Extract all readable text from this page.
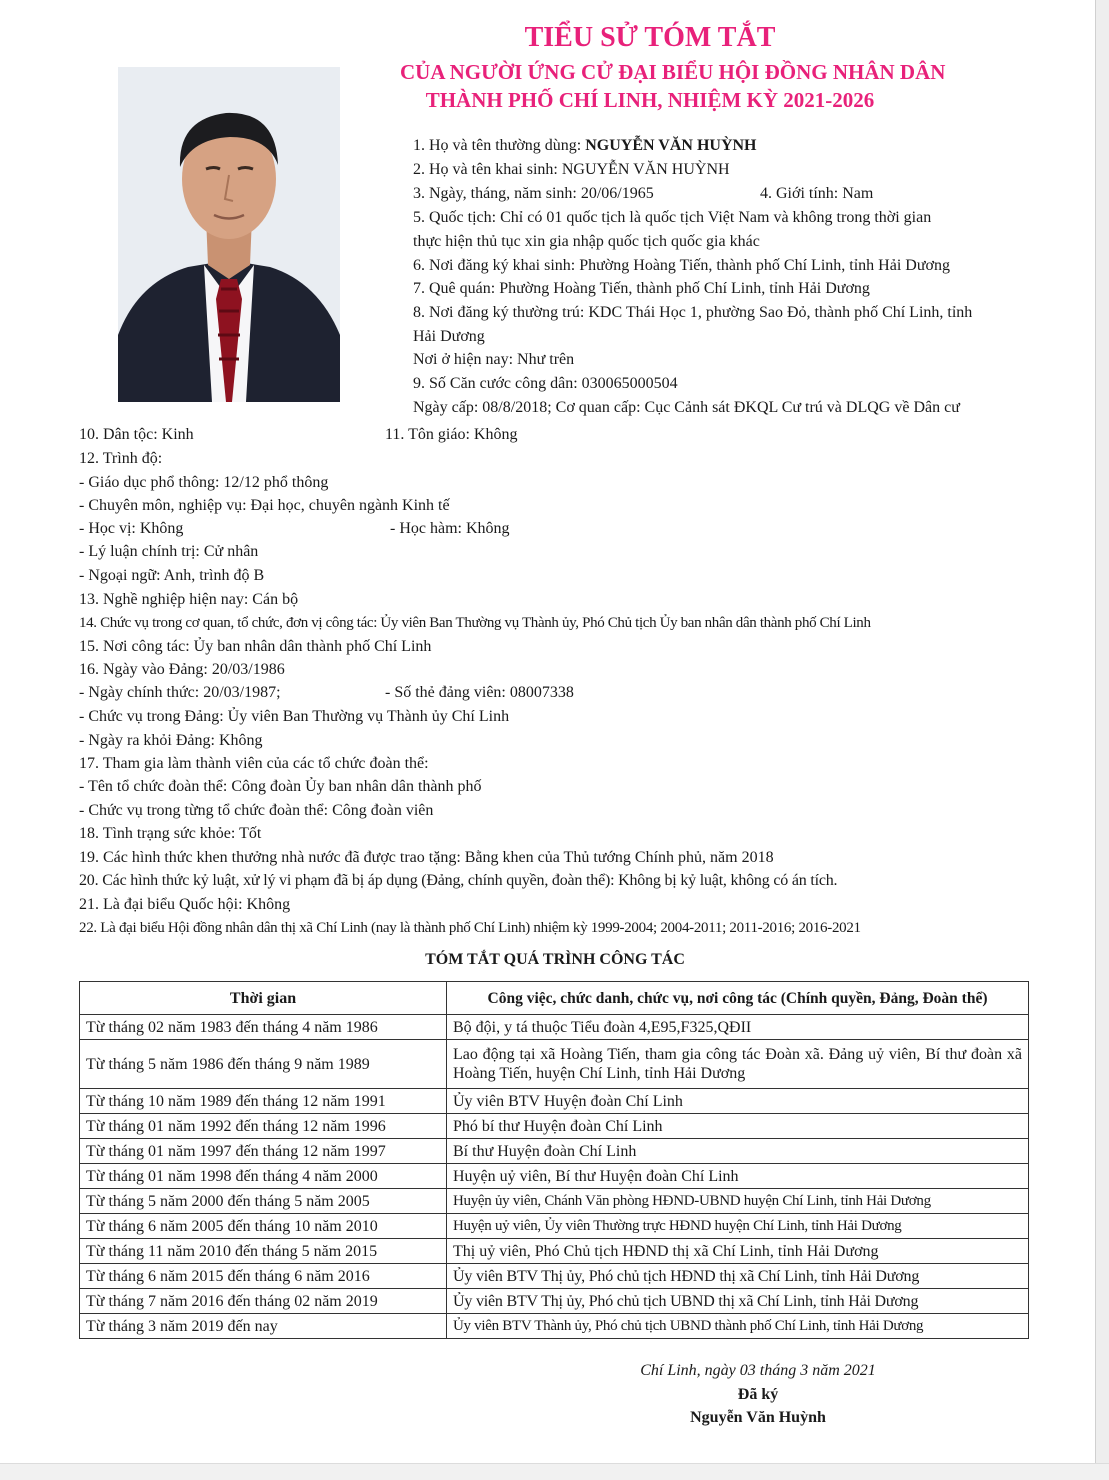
TIỂU SỬ TÓM TẮT
CỦA NGƯỜI ỨNG CỬ ĐẠI BIỂU HỘI ĐỒNG NHÂN DÂN
THÀNH PHỐ CHÍ LINH, NHIỆM KỲ 2021-2026
1. Họ và tên thường dùng: NGUYỄN VĂN HUỲNH
2. Họ và tên khai sinh: NGUYỄN VĂN HUỲNH
3. Ngày, tháng, năm sinh: 20/06/1965	4. Giới tính: Nam
5. Quốc tịch: Chỉ có 01 quốc tịch là quốc tịch Việt Nam và không trong thời gian
thực hiện thủ tục xin gia nhập quốc tịch quốc gia khác
6. Nơi đăng ký khai sinh: Phường Hoàng Tiến, thành phố Chí Linh, tỉnh Hải Dương
7. Quê quán: Phường Hoàng Tiến, thành phố Chí Linh, tỉnh Hải Dương
8. Nơi đăng ký thường trú: KDC Thái Học 1, phường Sao Đỏ, thành phố Chí Linh, tỉnh
Hải Dương
Nơi ở hiện nay: Như trên
9. Số Căn cước công dân: 030065000504
Ngày cấp: 08/8/2018; Cơ quan cấp: Cục Cảnh sát ĐKQL Cư trú và DLQG về Dân cư
10. Dân tộc: Kinh	11. Tôn giáo: Không
12. Trình độ:
- Giáo dục phổ thông: 12/12 phổ thông
- Chuyên môn, nghiệp vụ: Đại học, chuyên ngành Kinh tế
- Học vị: Không	- Học hàm: Không
- Lý luận chính trị: Cử nhân
- Ngoại ngữ: Anh, trình độ B
13. Nghề nghiệp hiện nay: Cán bộ
14. Chức vụ trong cơ quan, tổ chức, đơn vị công tác: Ủy viên Ban Thường vụ Thành ủy, Phó Chủ tịch Ủy ban nhân dân thành phố Chí Linh
15. Nơi công tác: Ủy ban nhân dân thành phố Chí Linh
16. Ngày vào Đảng: 20/03/1986
- Ngày chính thức: 20/03/1987;	- Số thẻ đảng viên: 08007338
- Chức vụ trong Đảng: Ủy viên Ban Thường vụ Thành ủy Chí Linh
- Ngày ra khỏi Đảng: Không
17. Tham gia làm thành viên của các tổ chức đoàn thể:
- Tên tổ chức đoàn thể: Công đoàn Ủy ban nhân dân thành phố
- Chức vụ trong từng tổ chức đoàn thể: Công đoàn viên
18. Tình trạng sức khỏe: Tốt
19. Các hình thức khen thưởng nhà nước đã được trao tặng: Bằng khen của Thủ tướng Chính phủ, năm 2018
20. Các hình thức kỷ luật, xử lý vi phạm đã bị áp dụng (Đảng, chính quyền, đoàn thể): Không bị kỷ luật, không có án tích.
21. Là đại biểu Quốc hội: Không
22. Là đại biểu Hội đồng nhân dân thị xã Chí Linh (nay là thành phố Chí Linh) nhiệm kỳ 1999-2004; 2004-2011; 2011-2016; 2016-2021
TÓM TẮT QUÁ TRÌNH CÔNG TÁC
Thời gian	Công việc, chức danh, chức vụ, nơi công tác (Chính quyền, Đảng, Đoàn thể)
Từ tháng 02 năm 1983 đến tháng 4 năm 1986	Bộ đội, y tá thuộc Tiểu đoàn 4,E95,F325,QĐII
Từ tháng 5 năm 1986 đến tháng 9 năm 1989	Lao động tại xã Hoàng Tiến, tham gia công tác Đoàn xã. Đảng uỷ viên, Bí thư đoàn xã Hoàng Tiến, huyện Chí Linh, tỉnh Hải Dương
Từ tháng 10 năm 1989 đến tháng 12 năm 1991	Ủy viên BTV Huyện đoàn Chí Linh
Từ tháng 01 năm 1992 đến tháng 12 năm 1996	Phó bí thư Huyện đoàn Chí Linh
Từ tháng 01 năm 1997 đến tháng 12 năm 1997	Bí thư Huyện đoàn Chí Linh
Từ tháng 01 năm 1998 đến tháng 4 năm 2000	Huyện uỷ viên, Bí thư Huyện đoàn Chí Linh
Từ tháng 5 năm 2000 đến tháng 5 năm 2005	Huyện ủy viên, Chánh Văn phòng HĐND-UBND huyện Chí Linh, tỉnh Hải Dương
Từ tháng 6 năm 2005 đến tháng 10 năm 2010	Huyện uỷ viên, Ủy viên Thường trực HĐND huyện Chí Linh, tỉnh Hải Dương
Từ tháng 11 năm 2010 đến tháng 5 năm 2015	Thị uỷ viên, Phó Chủ tịch HĐND thị xã Chí Linh, tỉnh Hải Dương
Từ tháng 6 năm 2015 đến tháng 6 năm 2016	Ủy viên BTV Thị ủy, Phó chủ tịch HĐND thị xã Chí Linh, tỉnh Hải Dương
Từ tháng 7 năm 2016 đến tháng 02 năm 2019	Ủy viên BTV Thị ủy, Phó chủ tịch UBND thị xã Chí Linh, tỉnh Hải Dương
Từ tháng 3 năm 2019 đến nay	Ủy viên BTV Thành ủy, Phó chủ tịch UBND thành phố Chí Linh, tỉnh Hải Dương
Chí Linh, ngày 03 tháng 3 năm 2021
Đã ký
Nguyễn Văn Huỳnh
